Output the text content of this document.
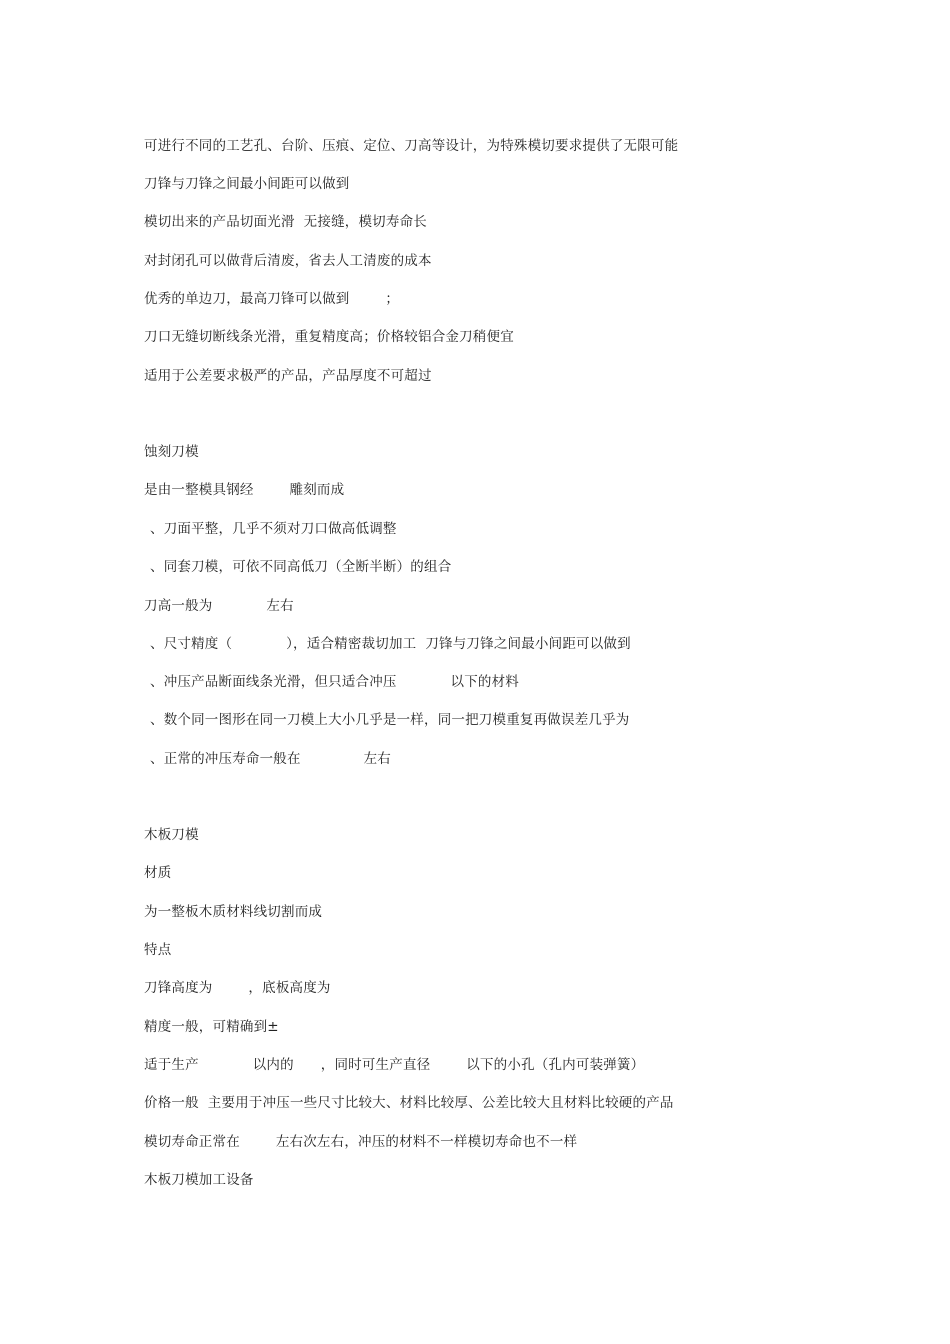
可进行不同的工艺孔、台阶、压痕、定位、刀高等设计，为特殊模切要求提供了无限可能
刀锋与刀锋之间最小间距可以做到
模切出来的产品切面光滑  无接缝，模切寿命长
对封闭孔可以做背后清废，省去人工清废的成本
优秀的单边刀，最高刀锋可以做到        ；
刀口无缝切断线条光滑，重复精度高；价格较铝合金刀稍便宜
适用于公差要求极严的产品，产品厚度不可超过
蚀刻刀模
是由一整模具钢经        雕刻而成
、刀面平整，几乎不须对刀口做高低调整
、同套刀模，可依不同高低刀（全断半断）的组合
刀高一般为            左右
、尺寸精度（            ），适合精密裁切加工  刀锋与刀锋之间最小间距可以做到
、冲压产品断面线条光滑，但只适合冲压            以下的材料
、数个同一图形在同一刀模上大小几乎是一样，同一把刀模重复再做误差几乎为
、正常的冲压寿命一般在              左右
木板刀模
材质
为一整板木质材料线切割而成
特点
刀锋高度为        ，底板高度为
精度一般，可精确到±
适于生产            以内的      ，同时可生产直径        以下的小孔（孔内可装弹簧）
价格一般  主要用于冲压一些尺寸比较大、材料比较厚、公差比较大且材料比较硬的产品
模切寿命正常在        左右次左右，冲压的材料不一样模切寿命也不一样
木板刀模加工设备
